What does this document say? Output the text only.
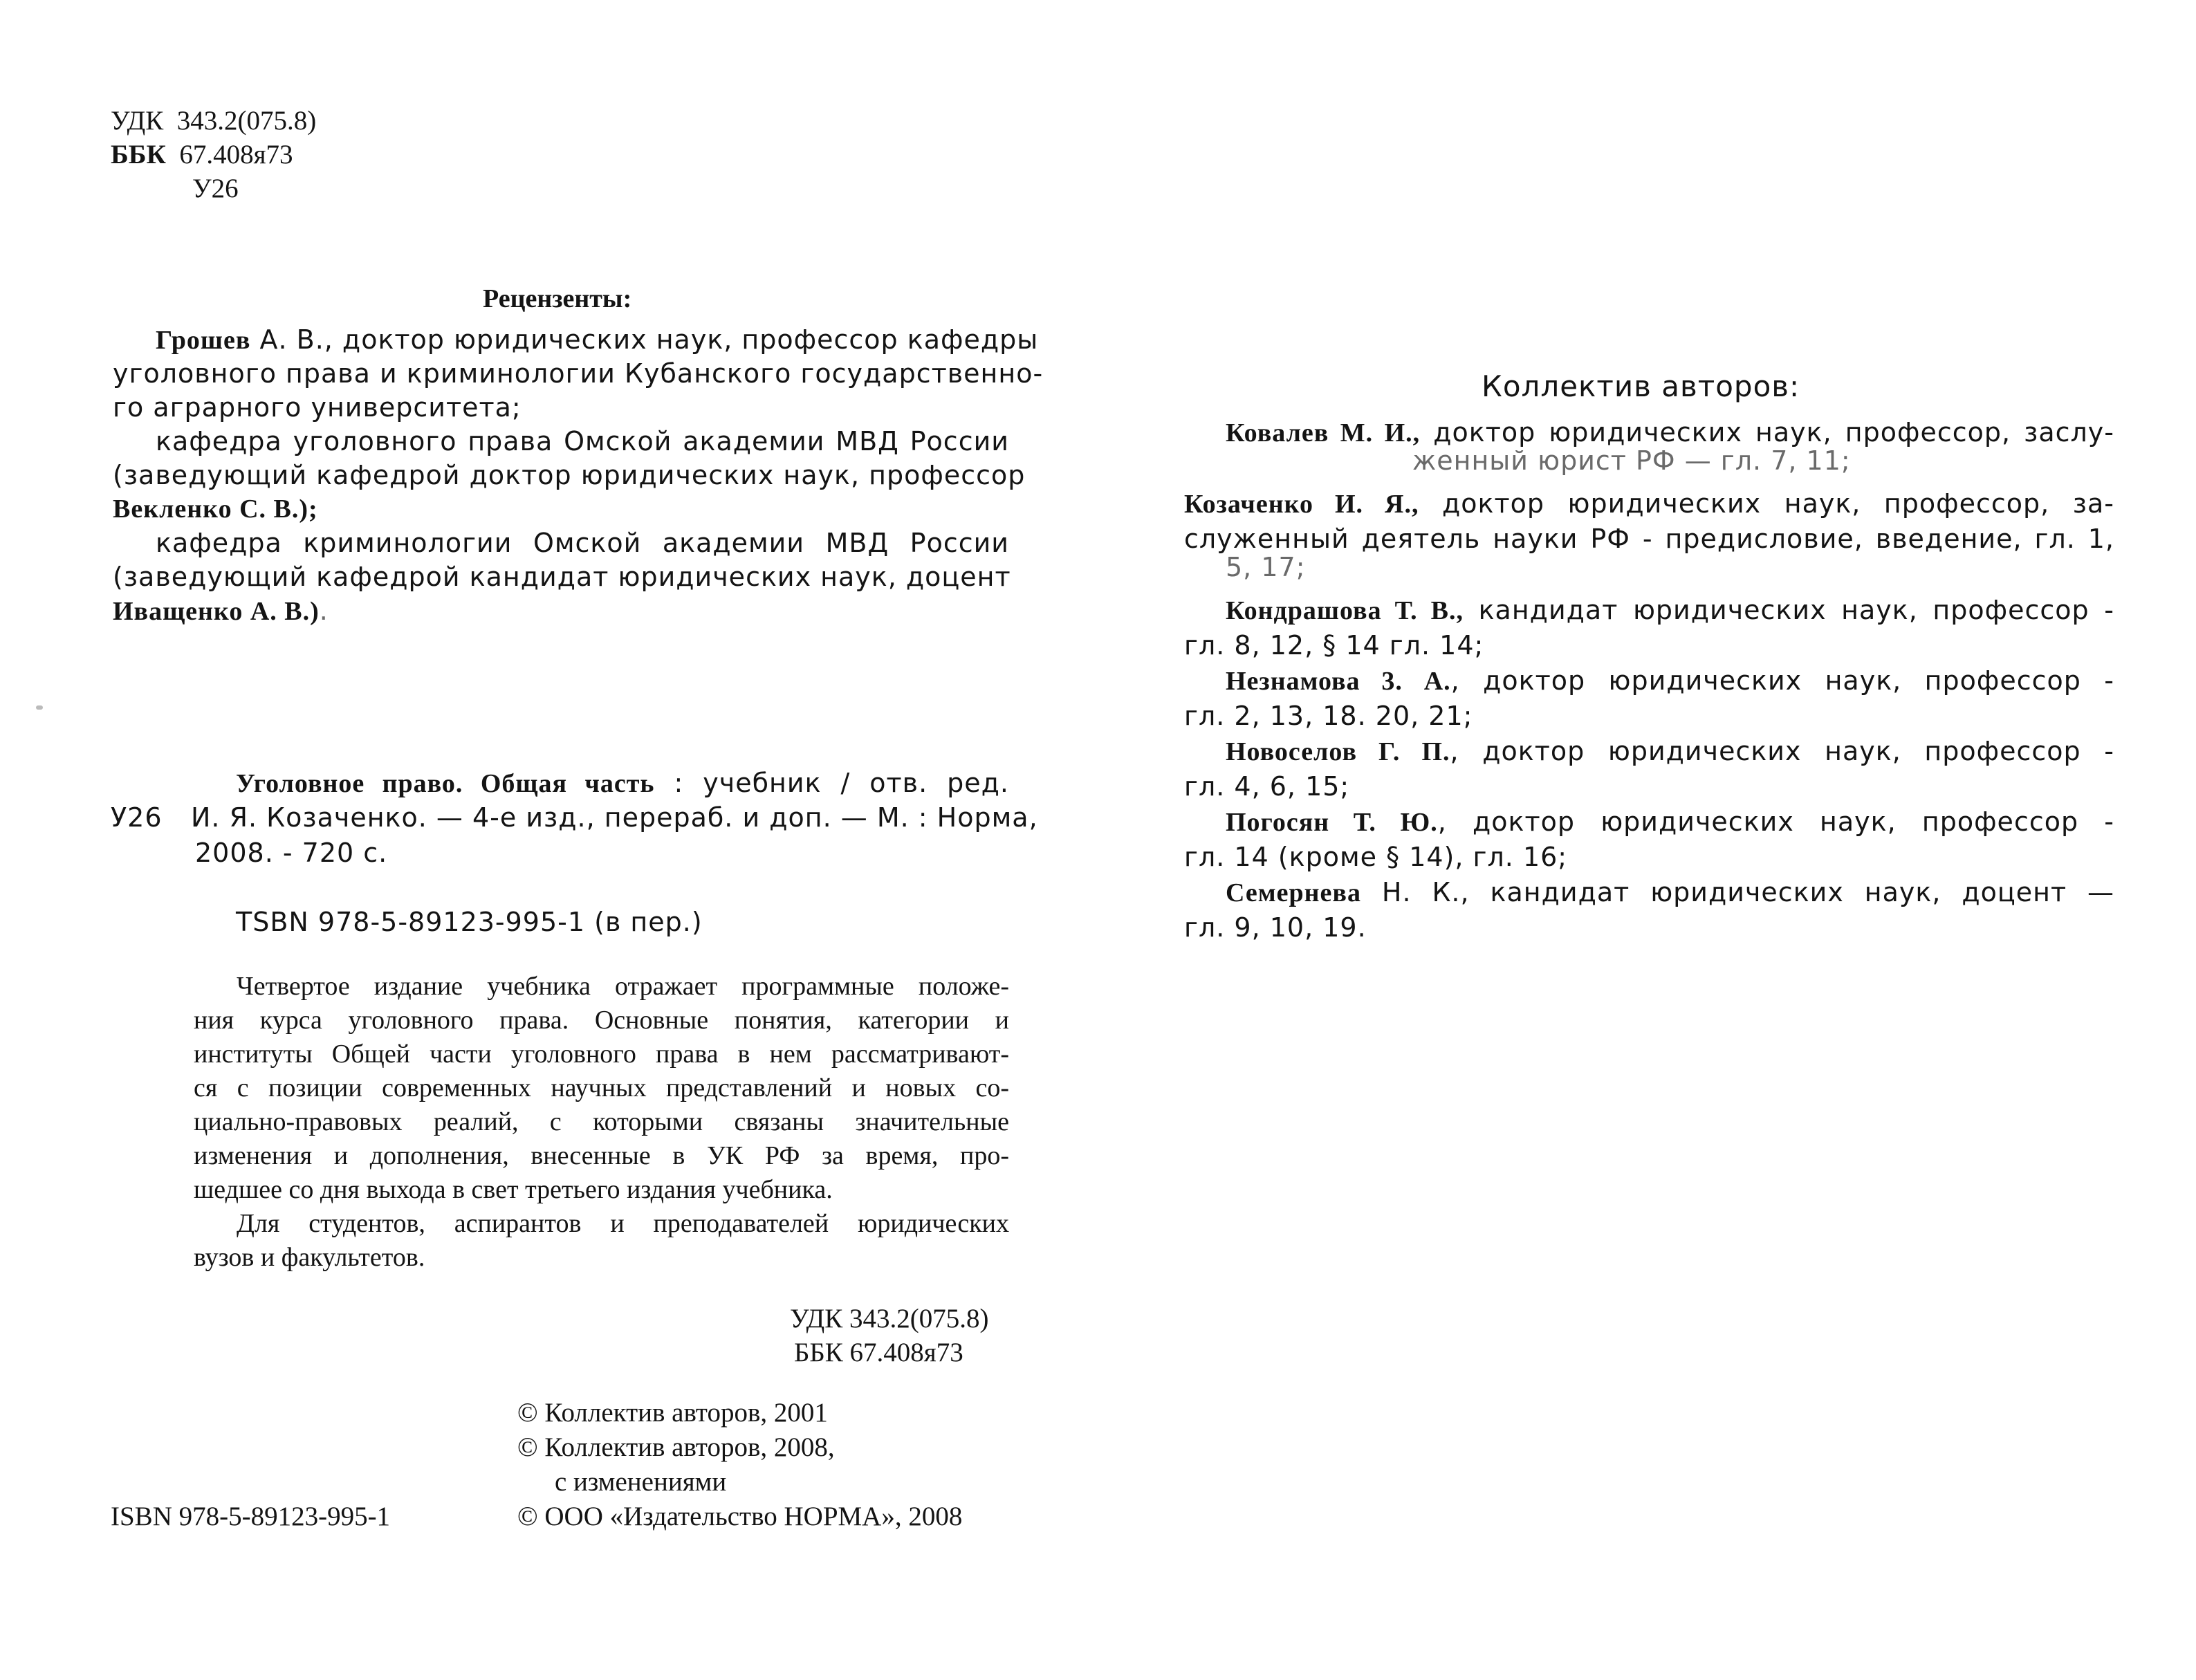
УДК 343.2(075.8)
ББК 67.408я73
У26
Рецензенты:
Грошев А. В., доктор юридических наук, профессор кафедры
уголовного права и криминологии Кубанского государственно-
го аграрного университета;
кафедра уголовного права Омской академии МВД России
(заведующий кафедрой доктор юридических наук, профессор
Векленко С. В.);
кафедра криминологии Омской академии МВД России
(заведующий кафедрой кандидат юридических наук, доцент
Иващенко А. В.).
Уголовное право. Общая часть : учебник / отв. ред.
У26 И. Я. Козаченко. — 4-е изд., перераб. и доп. — М. : Норма,
2008. - 720 с.
TSBN 978-5-89123-995-1 (в пер.)
Четвертое издание учебника отражает программные положе-
ния курса уголовного права. Основные понятия, категории и
институты Общей части уголовного права в нем рассматривают-
ся с позиции современных научных представлений и новых со-
циально-правовых реалий, с которыми связаны значительные
изменения и дополнения, внесенные в УК РФ за время, про-
шедшее со дня выхода в свет третьего издания учебника.
Для студентов, аспирантов и преподавателей юридических
вузов и факультетов.
УДК 343.2(075.8)
ББК 67.408я73
© Коллектив авторов, 2001
© Коллектив авторов, 2008,
с изменениями
© ООО «Издательство НОРМА», 2008
ISBN 978-5-89123-995-1
Коллектив авторов:
Ковалев М. И., доктор юридических наук, профессор, заслу-
женный юрист РФ — гл. 7, 11;
Козаченко И. Я., доктор юридических наук, профессор, за-
служенный деятель науки РФ - предисловие, введение, гл. 1,
5, 17;
Кондрашова Т. В., кандидат юридических наук, профессор -
гл. 8, 12, § 14 гл. 14;
Незнамова 3. А., доктор юридических наук, профессор -
гл. 2, 13, 18. 20, 21;
Новоселов Г. П., доктор юридических наук, профессор -
гл. 4, 6, 15;
Погосян Т. Ю., доктор юридических наук, профессор -
гл. 14 (кроме § 14), гл. 16;
Семернева Н. К., кандидат юридических наук, доцент —
гл. 9, 10, 19.
